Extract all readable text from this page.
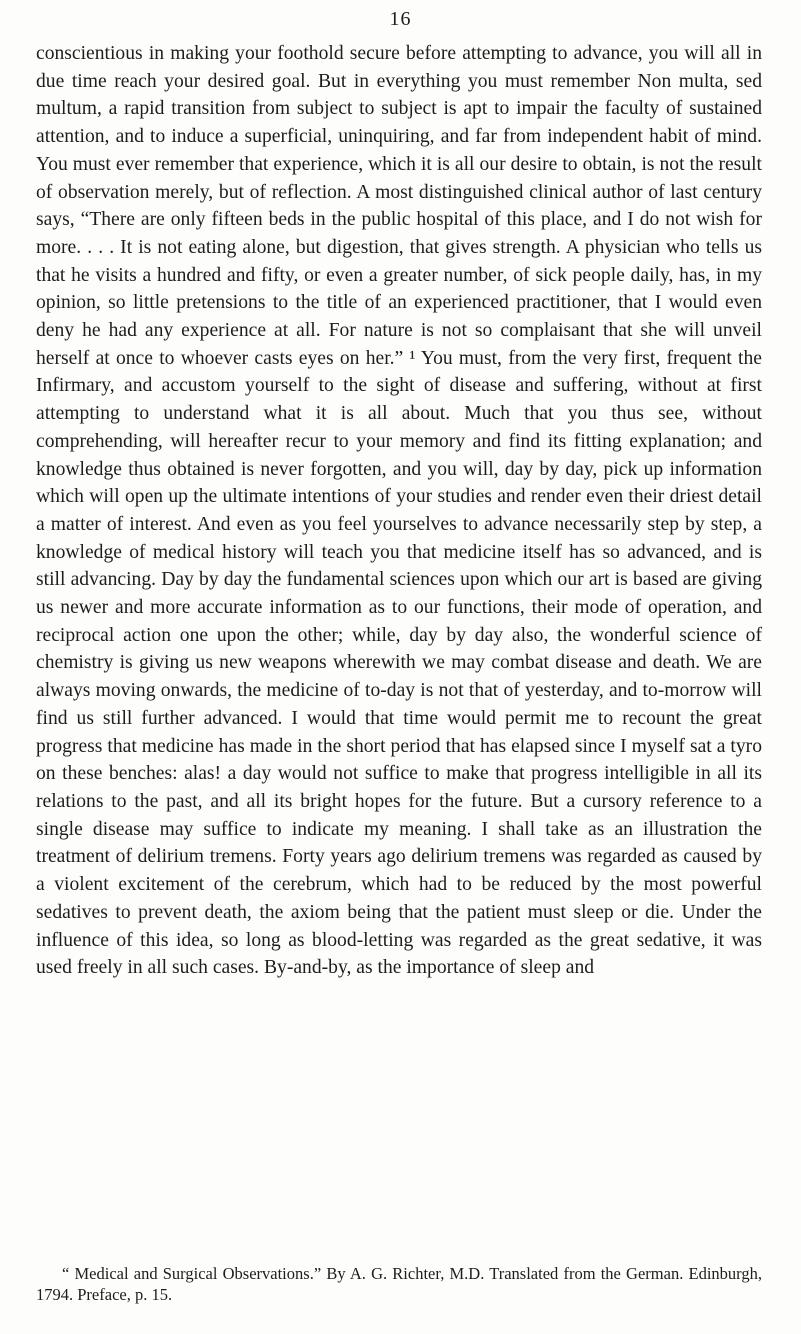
16

conscientious in making your foothold secure before attempting to advance, you will all in due time reach your desired goal. But in everything you must remember Non multa, sed multum, a rapid transition from subject to subject is apt to impair the faculty of sustained attention, and to induce a superficial, uninquiring, and far from independent habit of mind. You must ever remember that experience, which it is all our desire to obtain, is not the result of observation merely, but of reflection. A most distinguished clinical author of last century says, “There are only fifteen beds in the public hospital of this place, and I do not wish for more. . . . It is not eating alone, but digestion, that gives strength. A physician who tells us that he visits a hundred and fifty, or even a greater number, of sick people daily, has, in my opinion, so little pretensions to the title of an experienced practitioner, that I would even deny he had any experience at all. For nature is not so complaisant that she will unveil herself at once to whoever casts eyes on her.” ¹ You must, from the very first, frequent the Infirmary, and accustom yourself to the sight of disease and suffering, without at first attempting to understand what it is all about. Much that you thus see, without comprehending, will hereafter recur to your memory and find its fitting explanation; and knowledge thus obtained is never forgotten, and you will, day by day, pick up information which will open up the ultimate intentions of your studies and render even their driest detail a matter of interest. And even as you feel yourselves to advance necessarily step by step, a knowledge of medical history will teach you that medicine itself has so advanced, and is still advancing. Day by day the fundamental sciences upon which our art is based are giving us newer and more accurate information as to our functions, their mode of operation, and reciprocal action one upon the other; while, day by day also, the wonderful science of chemistry is giving us new weapons wherewith we may combat disease and death. We are always moving onwards, the medicine of to-day is not that of yesterday, and to-morrow will find us still further advanced. I would that time would permit me to recount the great progress that medicine has made in the short period that has elapsed since I myself sat a tyro on these benches: alas! a day would not suffice to make that progress intelligible in all its relations to the past, and all its bright hopes for the future. But a cursory reference to a single disease may suffice to indicate my meaning. I shall take as an illustration the treatment of delirium tremens. Forty years ago delirium tremens was regarded as caused by a violent excitement of the cerebrum, which had to be reduced by the most powerful sedatives to prevent death, the axiom being that the patient must sleep or die. Under the influence of this idea, so long as blood-letting was regarded as the great sedative, it was used freely in all such cases. By-and-by, as the importance of sleep and

“ Medical and Surgical Observations.” By A. G. Richter, M.D. Translated from the German. Edinburgh, 1794. Preface, p. 15.
